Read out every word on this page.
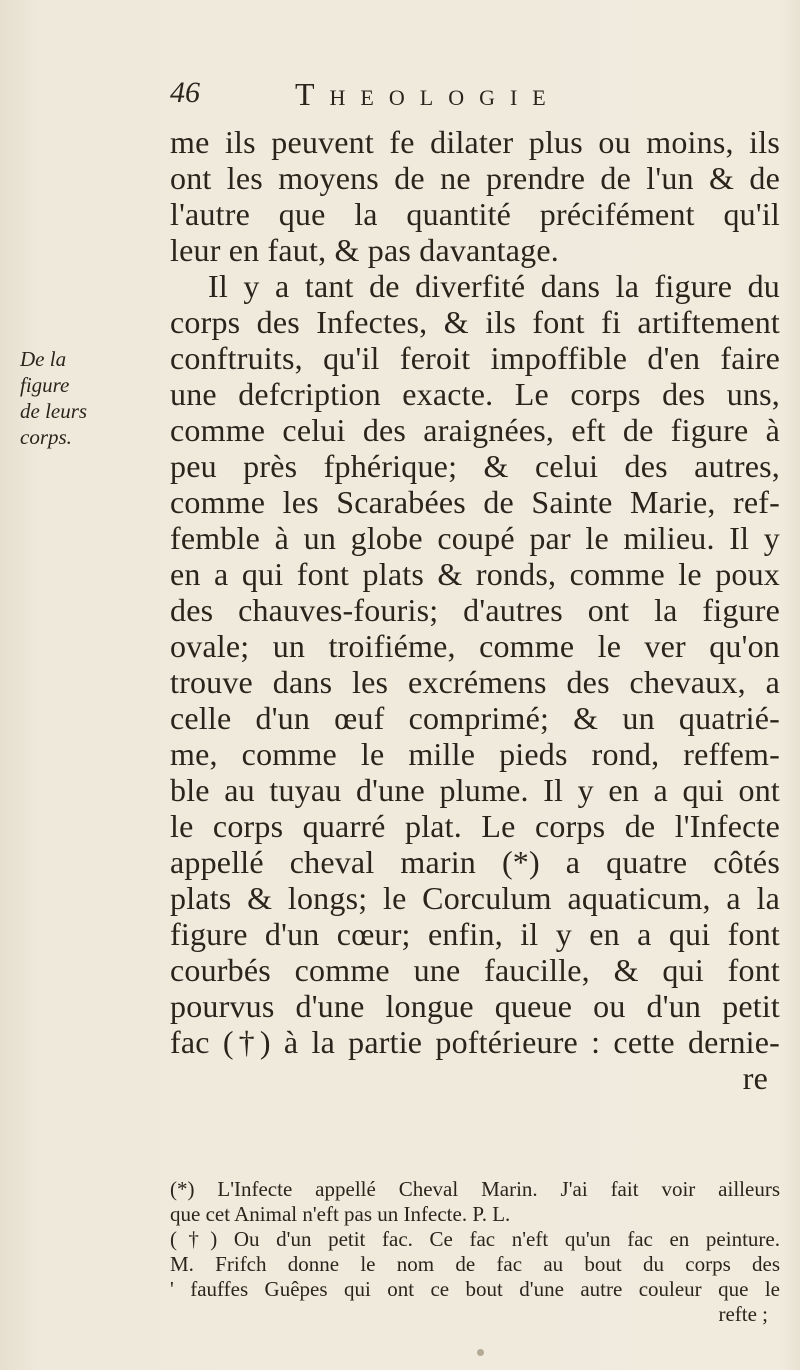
46	Theologie
De la
figure
de leurs
corps.
me ils peuvent fe dilater plus ou moins, ils
ont les moyens de ne prendre de l'un & de
l'autre que la quantité précifément qu'il
leur en faut, & pas davantage.
Il y a tant de diverfité dans la figure du
corps des Infectes, & ils font fi artiftement
conftruits, qu'il feroit impoffible d'en faire
une defcription exacte. Le corps des uns,
comme celui des araignées, eft de figure à
peu près fphérique; & celui des autres,
comme les Scarabées de Sainte Marie, ref-
femble à un globe coupé par le milieu. Il y
en a qui font plats & ronds, comme le poux
des chauves-fouris; d'autres ont la figure
ovale; un troifiéme, comme le ver qu'on
trouve dans les excrémens des chevaux, a
celle d'un œuf comprimé; & un quatrié-
me, comme le mille pieds rond, reffem-
ble au tuyau d'une plume. Il y en a qui ont
le corps quarré plat. Le corps de l'Infecte
appellé cheval marin (*) a quatre côtés
plats & longs; le Corculum aquaticum, a la
figure d'un cœur; enfin, il y en a qui font
courbés comme une faucille, & qui font
pourvus d'une longue queue ou d'un petit
fac (†) à la partie poftérieure : cette dernie-
re
(*) L'Infecte appellé Cheval Marin. J'ai fait voir ailleurs
que cet Animal n'eft pas un Infecte. P. L.
(†) Ou d'un petit fac. Ce fac n'eft qu'un fac en peinture.
M. Frifch donne le nom de fac au bout du corps des
' fauffes Guêpes qui ont ce bout d'une autre couleur que le
refte ;
